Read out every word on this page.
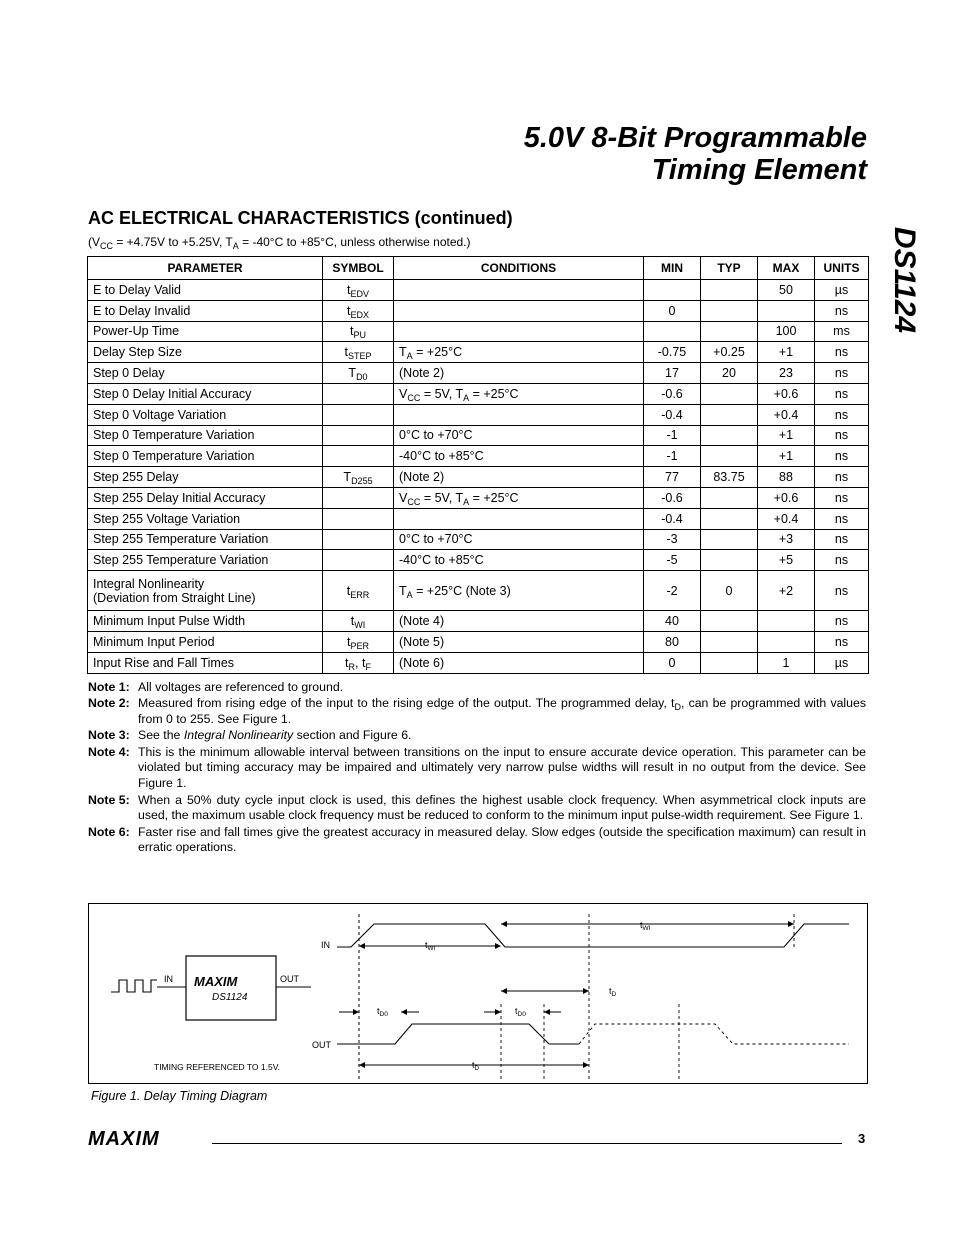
5.0V 8-Bit Programmable
Timing Element
DS1124
AC ELECTRICAL CHARACTERISTICS (continued)
($V_{CC} = +4.75V$ to +5.25V, $T_A = -40^\circ C$ to +85°C, unless otherwise noted.)
PARAMETER	SYMBOL	CONDITIONS	MIN	TYP	MAX	UNITS
E to Delay Valid	$t_{EDV}$				50	µs
E to Delay Invalid	$t_{EDX}$		0			ns
Power-Up Time	$t_{PU}$				100	ms
Delay Step Size	$t_{STEP}$	$T_A = +25^\circ C$	-0.75	+0.25	+1	ns
Step 0 Delay	$T_{D0}$	(Note 2)	17	20	23	ns
Step 0 Delay Initial Accuracy		$V_{CC} = 5V$, $T_A = +25^\circ C$	-0.6		+0.6	ns
Step 0 Voltage Variation			-0.4		+0.4	ns
Step 0 Temperature Variation		0°C to +70°C	-1		+1	ns
Step 0 Temperature Variation		-40°C to +85°C	-1		+1	ns
Step 255 Delay	$T_{D255}$	(Note 2)	77	83.75	88	ns
Step 255 Delay Initial Accuracy		$V_{CC} = 5V$, $T_A = +25^\circ C$	-0.6		+0.6	ns
Step 255 Voltage Variation			-0.4		+0.4	ns
Step 255 Temperature Variation		0°C to +70°C	-3		+3	ns
Step 255 Temperature Variation		-40°C to +85°C	-5		+5	ns
Integral Nonlinearity
(Deviation from Straight Line)	$t_{ERR}$	$T_A = +25^\circ C$ (Note 3)	-2	0	+2	ns
Minimum Input Pulse Width	$t_{WI}$	(Note 4)	40			ns
Minimum Input Period	$t_{PER}$	(Note 5)	80			ns
Input Rise and Fall Times	$t_R$, $t_F$	(Note 6)	0		1	µs
Note 1: All voltages are referenced to ground.
Note 2: Measured from rising edge of the input to the rising edge of the output. The programmed delay, $t_D$, can be programmed with values from 0 to 255. See Figure 1.
Note 3: See the Integral Nonlinearity section and Figure 6.
Note 4: This is the minimum allowable interval between transitions on the input to ensure accurate device operation. This parameter can be violated but timing accuracy may be impaired and ultimately very narrow pulse widths will result in no output from the device. See Figure 1.
Note 5: When a 50% duty cycle input clock is used, this defines the highest usable clock frequency. When asymmetrical clock inputs are used, the maximum usable clock frequency must be reduced to conform to the minimum input pulse-width requirement. See Figure 1.
Note 6: Faster rise and fall times give the greatest accuracy in measured delay. Slow edges (outside the specification maximum) can result in erratic operations.
IN	OUT
MAXIM
DS1124
TIMING REFERENCED TO 1.5V.
IN
OUT
$t_{WI}$
$t_{WI}$
$t_D$
$t_{D0}$	$t_{D0}$
$t_D$
Figure 1. Delay Timing Diagram
MAXIM	3
